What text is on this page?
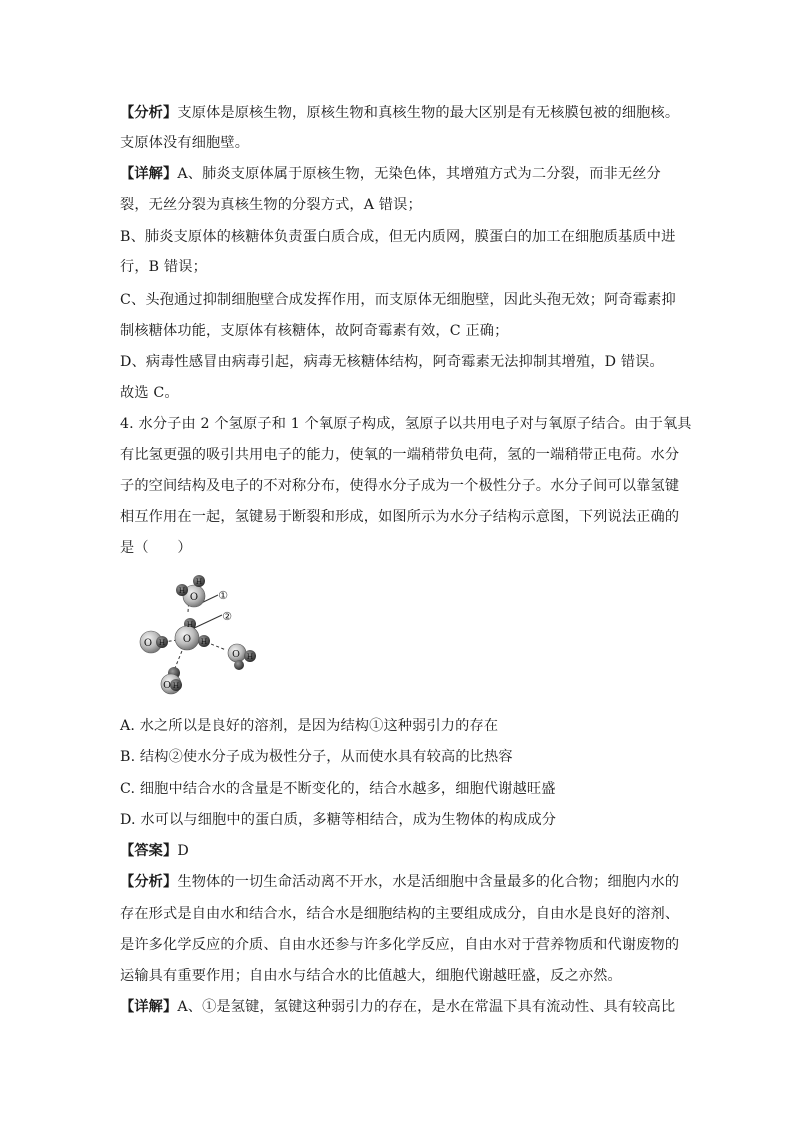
【分析】支原体是原核生物，原核生物和真核生物的最大区别是有无核膜包被的细胞核。
支原体没有细胞壁。
【详解】A、肺炎支原体属于原核生物，无染色体，其增殖方式为二分裂，而非无丝分
裂，无丝分裂为真核生物的分裂方式，A 错误；
B、肺炎支原体的核糖体负责蛋白质合成，但无内质网，膜蛋白的加工在细胞质基质中进
行，B 错误；
C、头孢通过抑制细胞壁合成发挥作用，而支原体无细胞壁，因此头孢无效；阿奇霉素抑
制核糖体功能，支原体有核糖体，故阿奇霉素有效，C 正确；
D、病毒性感冒由病毒引起，病毒无核糖体结构，阿奇霉素无法抑制其增殖，D 错误。
故选 C。
4. 水分子由 2 个氢原子和 1 个氧原子构成，氢原子以共用电子对与氧原子结合。由于氧具
有比氢更强的吸引共用电子的能力，使氧的一端稍带负电荷，氢的一端稍带正电荷。水分
子的空间结构及电子的不对称分布，使得水分子成为一个极性分子。水分子间可以靠氢键
相互作用在一起，氢键易于断裂和形成，如图所示为水分子结构示意图，下列说法正确的
是（　　）
O
H
H
H
O H
O H
O H
O H
①
②
A. 水之所以是良好的溶剂，是因为结构①这种弱引力的存在
B. 结构②使水分子成为极性分子，从而使水具有较高的比热容
C. 细胞中结合水的含量是不断变化的，结合水越多，细胞代谢越旺盛
D. 水可以与细胞中的蛋白质，多糖等相结合，成为生物体的构成成分
【答案】D
【分析】生物体的一切生命活动离不开水，水是活细胞中含量最多的化合物；细胞内水的
存在形式是自由水和结合水，结合水是细胞结构的主要组成成分，自由水是良好的溶剂、
是许多化学反应的介质、自由水还参与许多化学反应，自由水对于营养物质和代谢废物的
运输具有重要作用；自由水与结合水的比值越大，细胞代谢越旺盛，反之亦然。
【详解】A、①是氢键，氢键这种弱引力的存在，是水在常温下具有流动性、具有较高比
